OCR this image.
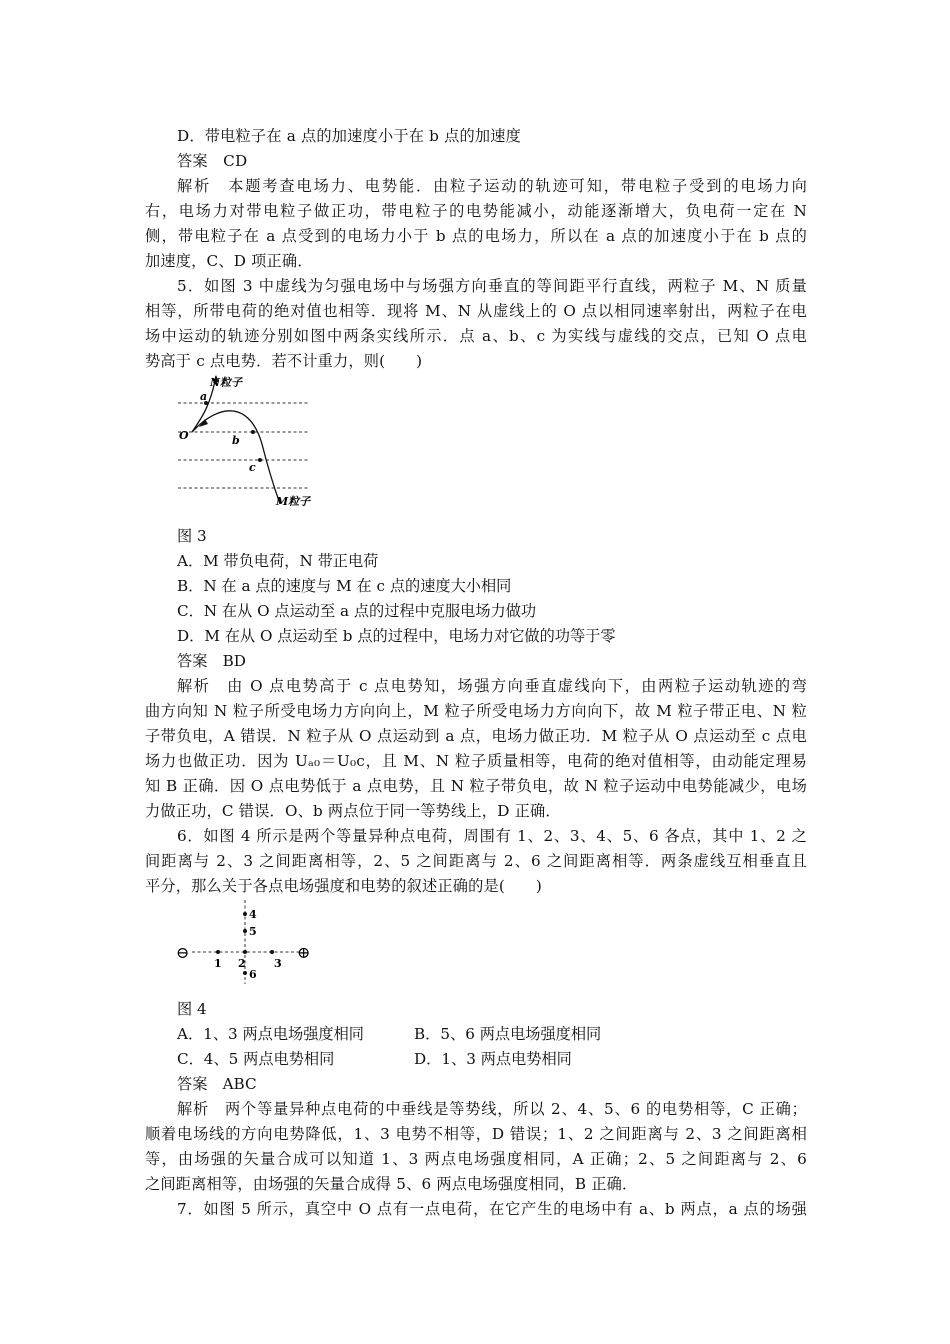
D．带电粒子在 a 点的加速度小于在 b 点的加速度
答案　CD
解析　本题考查电场力、电势能．由粒子运动的轨迹可知，带电粒子受到的电场力向
右，电场力对带电粒子做正功，带电粒子的电势能减小，动能逐渐增大，负电荷一定在 N
侧，带电粒子在 a 点受到的电场力小于 b 点的电场力，所以在 a 点的加速度小于在 b 点的
加速度，C、D 项正确．
5．如图 3 中虚线为匀强电场中与场强方向垂直的等间距平行直线，两粒子 M、N 质量
相等，所带电荷的绝对值也相等．现将 M、N 从虚线上的 O 点以相同速率射出，两粒子在电
场中运动的轨迹分别如图中两条实线所示．点 a、b、c 为实线与虚线的交点，已知 O 点电
势高于 c 点电势．若不计重力，则(　　)
N粒子
a
O	b
c
M粒子
图 3
A．M 带负电荷，N 带正电荷
B．N 在 a 点的速度与 M 在 c 点的速度大小相同
C．N 在从 O 点运动至 a 点的过程中克服电场力做功
D．M 在从 O 点运动至 b 点的过程中，电场力对它做的功等于零
答案　BD
解析　由 O 点电势高于 c 点电势知，场强方向垂直虚线向下，由两粒子运动轨迹的弯
曲方向知 N 粒子所受电场力方向向上，M 粒子所受电场力方向向下，故 M 粒子带正电、N 粒
子带负电，A 错误．N 粒子从 O 点运动到 a 点，电场力做正功．M 粒子从 O 点运动至 c 点电
场力也做正功．因为 Uₐ₀＝U₀c，且 M、N 粒子质量相等，电荷的绝对值相等，由动能定理易
知 B 正确．因 O 点电势低于 a 点电势，且 N 粒子带负电，故 N 粒子运动中电势能减少，电场
力做正功，C 错误．O、b 两点位于同一等势线上，D 正确．
6．如图 4 所示是两个等量异种点电荷，周围有 1、2、3、4、5、6 各点，其中 1、2 之
间距离与 2、3 之间距离相等，2、5 之间距离与 2、6 之间距离相等．两条虚线互相垂直且
平分，那么关于各点电场强度和电势的叙述正确的是(　　)
⊖	⊕
1 2	3
4
5
6
图 4
A．1、3 两点电场强度相同	B．5、6 两点电场强度相同
C．4、5 两点电势相同	D．1、3 两点电势相同
答案　ABC
解析　两个等量异种点电荷的中垂线是等势线，所以 2、4、5、6 的电势相等，C 正确；
顺着电场线的方向电势降低，1、3 电势不相等，D 错误；1、2 之间距离与 2、3 之间距离相
等，由场强的矢量合成可以知道 1、3 两点电场强度相同，A 正确；2、5 之间距离与 2、6
之间距离相等，由场强的矢量合成得 5、6 两点电场强度相同，B 正确．
7．如图 5 所示，真空中 O 点有一点电荷，在它产生的电场中有 a、b 两点，a 点的场强
